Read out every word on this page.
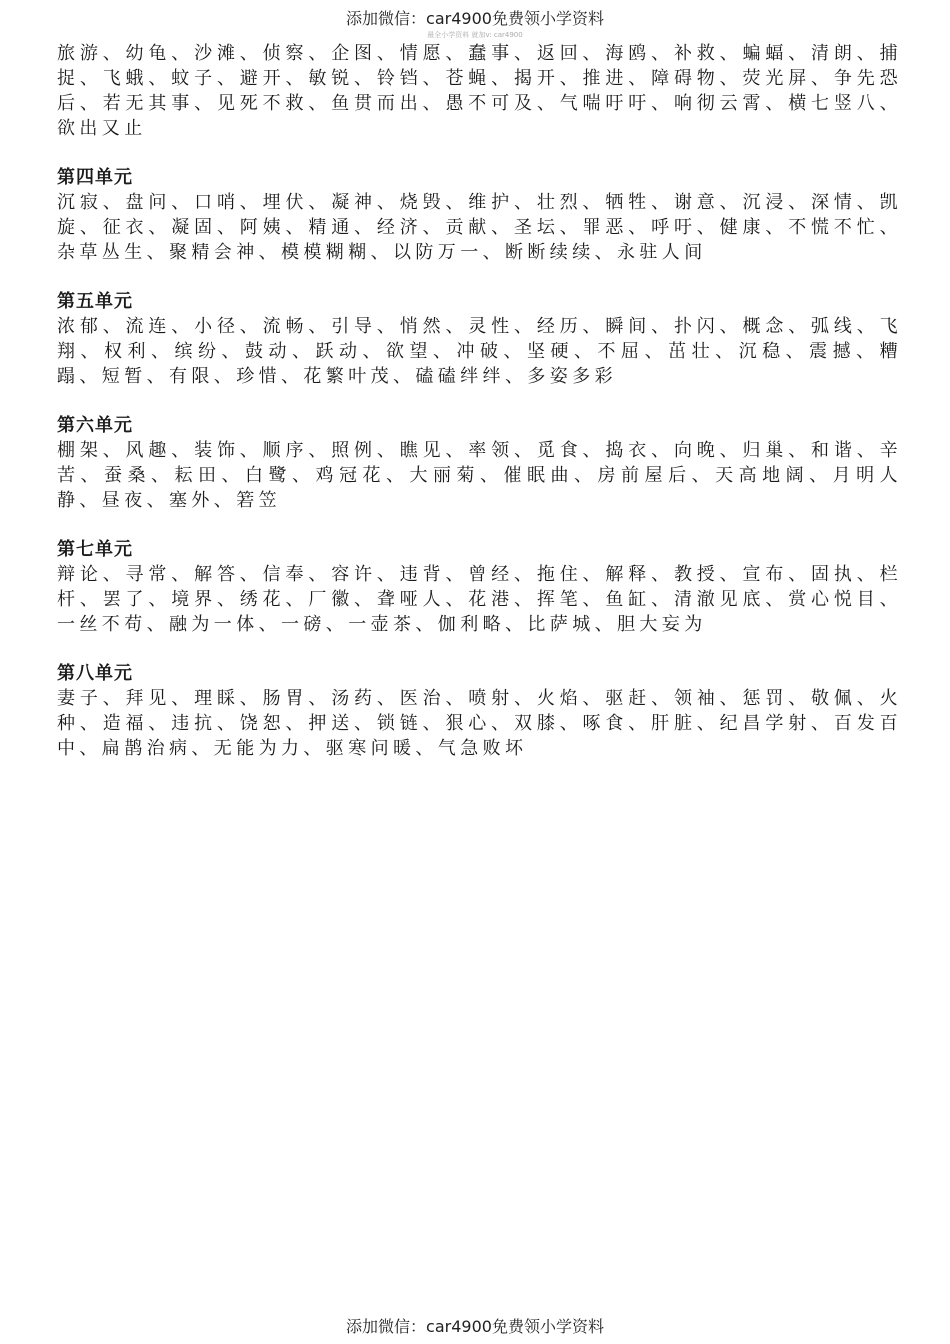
添加微信：car4900免费领小学资料
最全小学资料 就加v: car4900
旅游、幼龟、沙滩、侦察、企图、情愿、蠢事、返回、海鸥、补救、蝙蝠、清朗、捕捉、飞蛾、蚊子、避开、敏锐、铃铛、苍蝇、揭开、推进、障碍物、荧光屏、争先恐后、若无其事、见死不救、鱼贯而出、愚不可及、气喘吁吁、响彻云霄、横七竖八、欲出又止
第四单元
沉寂、盘问、口哨、埋伏、凝神、烧毁、维护、壮烈、牺牲、谢意、沉浸、深情、凯旋、征衣、凝固、阿姨、精通、经济、贡献、圣坛、罪恶、呼吁、健康、不慌不忙、杂草丛生、聚精会神、模模糊糊、以防万一、断断续续、永驻人间
第五单元
浓郁、流连、小径、流畅、引导、悄然、灵性、经历、瞬间、扑闪、概念、弧线、飞翔、权利、缤纷、鼓动、跃动、欲望、冲破、坚硬、不屈、茁壮、沉稳、震撼、糟蹋、短暂、有限、珍惜、花繁叶茂、磕磕绊绊、多姿多彩
第六单元
棚架、风趣、装饰、顺序、照例、瞧见、率领、觅食、捣衣、向晚、归巢、和谐、辛苦、蚕桑、耘田、白鹭、鸡冠花、大丽菊、催眠曲、房前屋后、天高地阔、月明人静、昼夜、塞外、箬笠
第七单元
辩论、寻常、解答、信奉、容许、违背、曾经、拖住、解释、教授、宣布、固执、栏杆、罢了、境界、绣花、厂徽、聋哑人、花港、挥笔、鱼缸、清澈见底、赏心悦目、一丝不苟、融为一体、一磅、一壶茶、伽利略、比萨城、胆大妄为
第八单元
妻子、拜见、理睬、肠胃、汤药、医治、喷射、火焰、驱赶、领袖、惩罚、敬佩、火种、造福、违抗、饶恕、押送、锁链、狠心、双膝、啄食、肝脏、纪昌学射、百发百中、扁鹊治病、无能为力、驱寒问暖、气急败坏
添加微信：car4900免费领小学资料
